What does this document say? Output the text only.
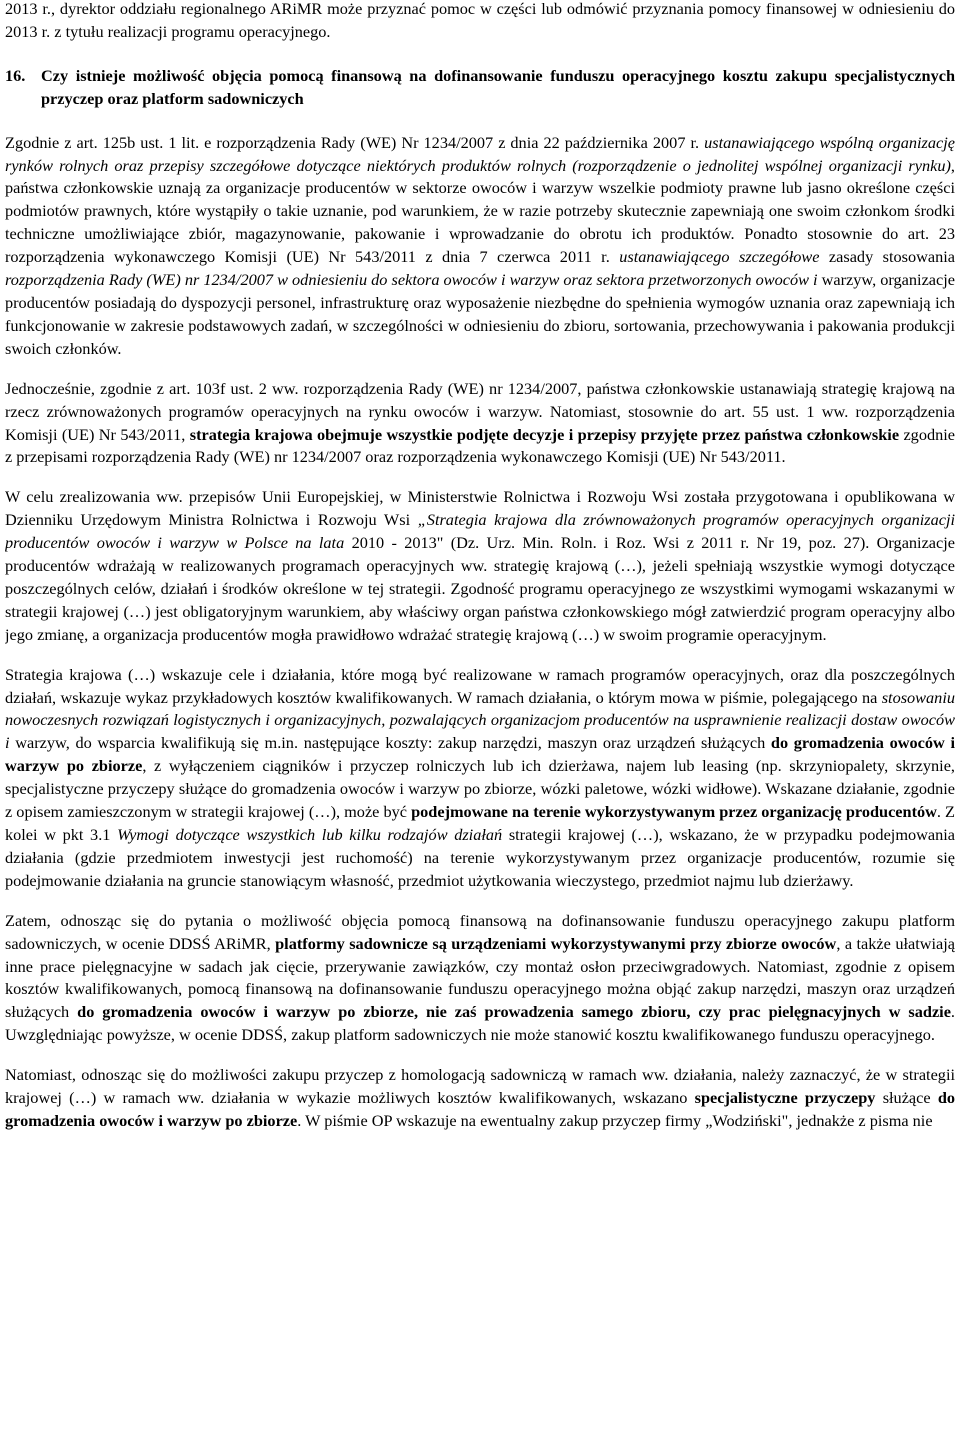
2013 r., dyrektor oddziału regionalnego ARiMR może przyznać pomoc w części lub odmówić przyznania pomocy finansowej w odniesieniu do 2013 r. z tytułu realizacji programu operacyjnego.

16. Czy istnieje możliwość objęcia pomocą finansową na dofinansowanie funduszu operacyjnego kosztu zakupu specjalistycznych przyczep oraz platform sadowniczych

Zgodnie z art. 125b ust. 1 lit. e rozporządzenia Rady (WE) Nr 1234/2007 z dnia 22 października 2007 r. ustanawiającego wspólną organizację rynków rolnych oraz przepisy szczegółowe dotyczące niektórych produktów rolnych (rozporządzenie o jednolitej wspólnej organizacji rynku), państwa członkowskie uznają za organizacje producentów w sektorze owoców i warzyw wszelkie podmioty prawne lub jasno określone części podmiotów prawnych, które wystąpiły o takie uznanie, pod warunkiem, że w razie potrzeby skutecznie zapewniają one swoim członkom środki techniczne umożliwiające zbiór, magazynowanie, pakowanie i wprowadzanie do obrotu ich produktów. Ponadto stosownie do art. 23 rozporządzenia wykonawczego Komisji (UE) Nr 543/2011 z dnia 7 czerwca 2011 r. ustanawiającego szczegółowe zasady stosowania rozporządzenia Rady (WE) nr 1234/2007 w odniesieniu do sektora owoców i warzyw oraz sektora przetworzonych owoców i warzyw, organizacje producentów posiadają do dyspozycji personel, infrastrukturę oraz wyposażenie niezbędne do spełnienia wymogów uznania oraz zapewniają ich funkcjonowanie w zakresie podstawowych zadań, w szczególności w odniesieniu do zbioru, sortowania, przechowywania i pakowania produkcji swoich członków.

Jednocześnie, zgodnie z art. 103f ust. 2 ww. rozporządzenia Rady (WE) nr 1234/2007, państwa członkowskie ustanawiają strategię krajową na rzecz zrównoważonych programów operacyjnych na rynku owoców i warzyw. Natomiast, stosownie do art. 55 ust. 1 ww. rozporządzenia Komisji (UE) Nr 543/2011, strategia krajowa obejmuje wszystkie podjęte decyzje i przepisy przyjęte przez państwa członkowskie zgodnie z przepisami rozporządzenia Rady (WE) nr 1234/2007 oraz rozporządzenia wykonawczego Komisji (UE) Nr 543/2011.

W celu zrealizowania ww. przepisów Unii Europejskiej, w Ministerstwie Rolnictwa i Rozwoju Wsi została przygotowana i opublikowana w Dzienniku Urzędowym Ministra Rolnictwa i Rozwoju Wsi „Strategia krajowa dla zrównoważonych programów operacyjnych organizacji producentów owoców i warzyw w Polsce na lata 2010 - 2013" (Dz. Urz. Min. Roln. i Roz. Wsi z 2011 r. Nr 19, poz. 27). Organizacje producentów wdrażają w realizowanych programach operacyjnych ww. strategię krajową (…), jeżeli spełniają wszystkie wymogi dotyczące poszczególnych celów, działań i środków określone w tej strategii. Zgodność programu operacyjnego ze wszystkimi wymogami wskazanymi w strategii krajowej (…) jest obligatoryjnym warunkiem, aby właściwy organ państwa członkowskiego mógł zatwierdzić program operacyjny albo jego zmianę, a organizacja producentów mogła prawidłowo wdrażać strategię krajową (…) w swoim programie operacyjnym.

Strategia krajowa (…) wskazuje cele i działania, które mogą być realizowane w ramach programów operacyjnych, oraz dla poszczególnych działań, wskazuje wykaz przykładowych kosztów kwalifikowanych. W ramach działania, o którym mowa w piśmie, polegającego na stosowaniu nowoczesnych rozwiązań logistycznych i organizacyjnych, pozwalających organizacjom producentów na usprawnienie realizacji dostaw owoców i warzyw, do wsparcia kwalifikują się m.in. następujące koszty: zakup narzędzi, maszyn oraz urządzeń służących do gromadzenia owoców i warzyw po zbiorze, z wyłączeniem ciągników i przyczep rolniczych lub ich dzierżawa, najem lub leasing (np. skrzyniopalety, skrzynie, specjalistyczne przyczepy służące do gromadzenia owoców i warzyw po zbiorze, wózki paletowe, wózki widłowe). Wskazane działanie, zgodnie z opisem zamieszczonym w strategii krajowej (…), może być podejmowane na terenie wykorzystywanym przez organizację producentów. Z kolei w pkt 3.1 Wymogi dotyczące wszystkich lub kilku rodzajów działań strategii krajowej (…), wskazano, że w przypadku podejmowania działania (gdzie przedmiotem inwestycji jest ruchomość) na terenie wykorzystywanym przez organizacje producentów, rozumie się podejmowanie działania na gruncie stanowiącym własność, przedmiot użytkowania wieczystego, przedmiot najmu lub dzierżawy.

Zatem, odnosząc się do pytania o możliwość objęcia pomocą finansową na dofinansowanie funduszu operacyjnego zakupu platform sadowniczych, w ocenie DDSŚ ARiMR, platformy sadownicze są urządzeniami wykorzystywanymi przy zbiorze owoców, a także ułatwiają inne prace pielęgnacyjne w sadach jak cięcie, przerywanie zawiązków, czy montaż osłon przeciwgradowych. Natomiast, zgodnie z opisem kosztów kwalifikowanych, pomocą finansową na dofinansowanie funduszu operacyjnego można objąć zakup narzędzi, maszyn oraz urządzeń służących do gromadzenia owoców i warzyw po zbiorze, nie zaś prowadzenia samego zbioru, czy prac pielęgnacyjnych w sadzie. Uwzględniając powyższe, w ocenie DDSŚ, zakup platform sadowniczych nie może stanowić kosztu kwalifikowanego funduszu operacyjnego.

Natomiast, odnosząc się do możliwości zakupu przyczep z homologacją sadowniczą w ramach ww. działania, należy zaznaczyć, że w strategii krajowej (…) w ramach ww. działania w wykazie możliwych kosztów kwalifikowanych, wskazano specjalistyczne przyczepy służące do gromadzenia owoców i warzyw po zbiorze. W piśmie OP wskazuje na ewentualny zakup przyczep firmy „Wodziński", jednakże z pisma nie
